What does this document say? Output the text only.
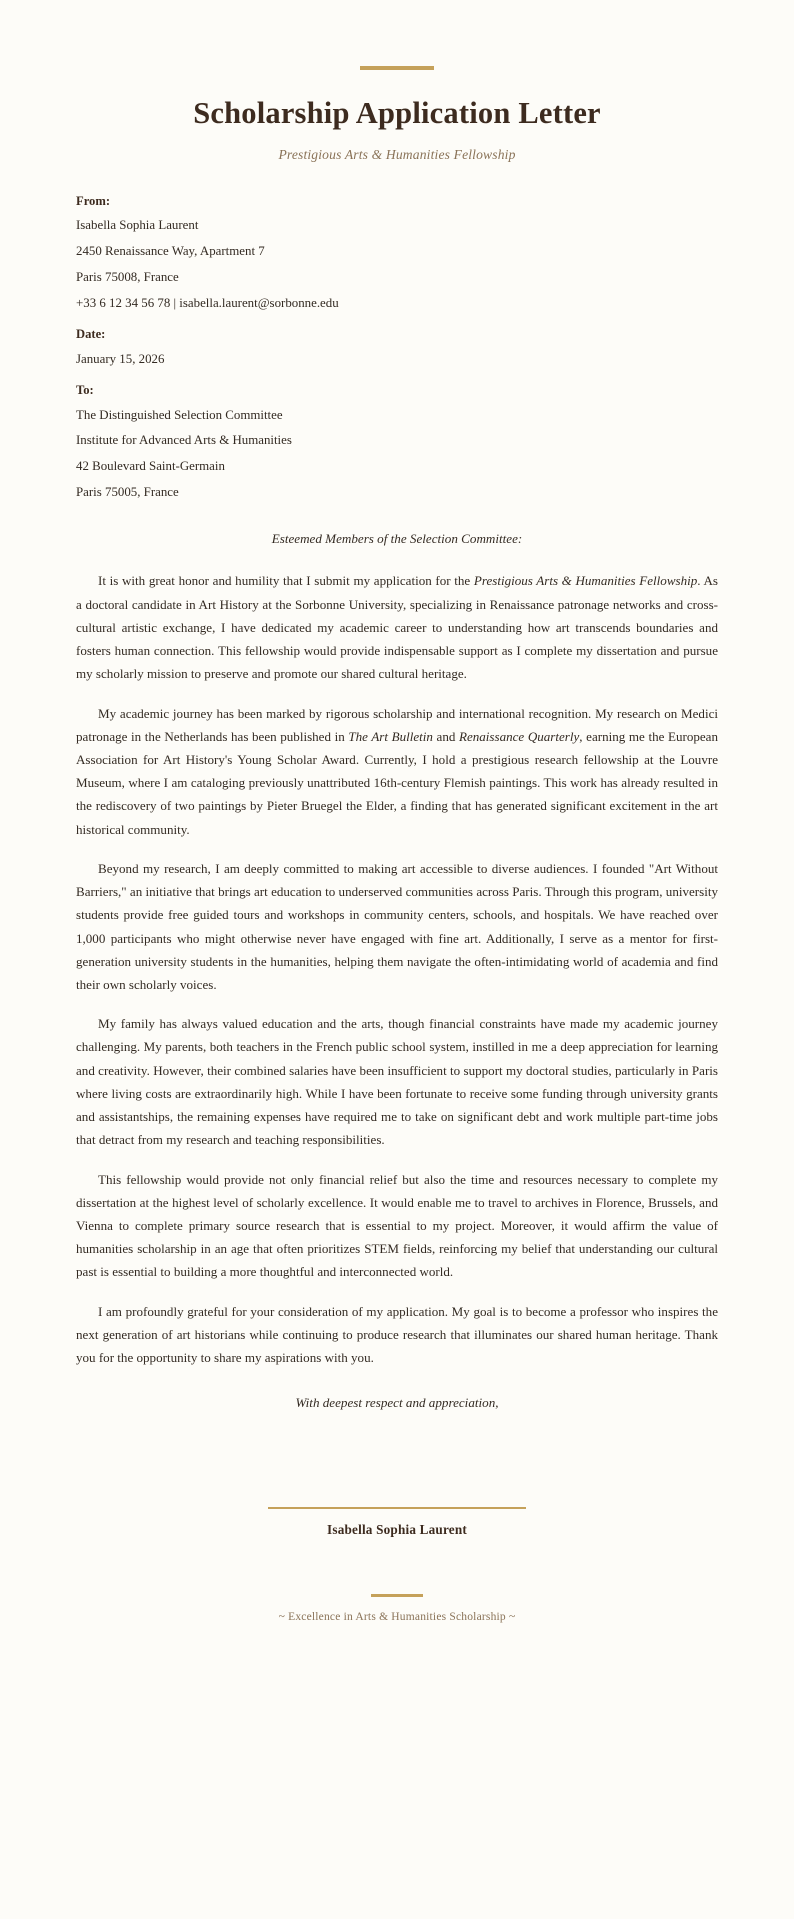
Scholarship Application Letter

Prestigious Arts & Humanities Fellowship

From:

Isabella Sophia Laurent

2450 Renaissance Way, Apartment 7

Paris 75008, France

+33 6 12 34 56 78 | isabella.laurent@sorbonne.edu

Date:

January 15, 2026

To:

The Distinguished Selection Committee

Institute for Advanced Arts & Humanities

42 Boulevard Saint-Germain

Paris 75005, France

Esteemed Members of the Selection Committee:

It is with great honor and humility that I submit my application for the Prestigious Arts & Humanities Fellowship. As a doctoral candidate in Art History at the Sorbonne University, specializing in Renaissance patronage networks and cross-cultural artistic exchange, I have dedicated my academic career to understanding how art transcends boundaries and fosters human connection. This fellowship would provide indispensable support as I complete my dissertation and pursue my scholarly mission to preserve and promote our shared cultural heritage.

My academic journey has been marked by rigorous scholarship and international recognition. My research on Medici patronage in the Netherlands has been published in The Art Bulletin and Renaissance Quarterly, earning me the European Association for Art History's Young Scholar Award. Currently, I hold a prestigious research fellowship at the Louvre Museum, where I am cataloging previously unattributed 16th-century Flemish paintings. This work has already resulted in the rediscovery of two paintings by Pieter Bruegel the Elder, a finding that has generated significant excitement in the art historical community.

Beyond my research, I am deeply committed to making art accessible to diverse audiences. I founded "Art Without Barriers," an initiative that brings art education to underserved communities across Paris. Through this program, university students provide free guided tours and workshops in community centers, schools, and hospitals. We have reached over 1,000 participants who might otherwise never have engaged with fine art. Additionally, I serve as a mentor for first-generation university students in the humanities, helping them navigate the often-intimidating world of academia and find their own scholarly voices.

My family has always valued education and the arts, though financial constraints have made my academic journey challenging. My parents, both teachers in the French public school system, instilled in me a deep appreciation for learning and creativity. However, their combined salaries have been insufficient to support my doctoral studies, particularly in Paris where living costs are extraordinarily high. While I have been fortunate to receive some funding through university grants and assistantships, the remaining expenses have required me to take on significant debt and work multiple part-time jobs that detract from my research and teaching responsibilities.

This fellowship would provide not only financial relief but also the time and resources necessary to complete my dissertation at the highest level of scholarly excellence. It would enable me to travel to archives in Florence, Brussels, and Vienna to complete primary source research that is essential to my project. Moreover, it would affirm the value of humanities scholarship in an age that often prioritizes STEM fields, reinforcing my belief that understanding our cultural past is essential to building a more thoughtful and interconnected world.

I am profoundly grateful for your consideration of my application. My goal is to become a professor who inspires the next generation of art historians while continuing to produce research that illuminates our shared human heritage. Thank you for the opportunity to share my aspirations with you.

With deepest respect and appreciation,

Isabella Sophia Laurent

~ Excellence in Arts & Humanities Scholarship ~
